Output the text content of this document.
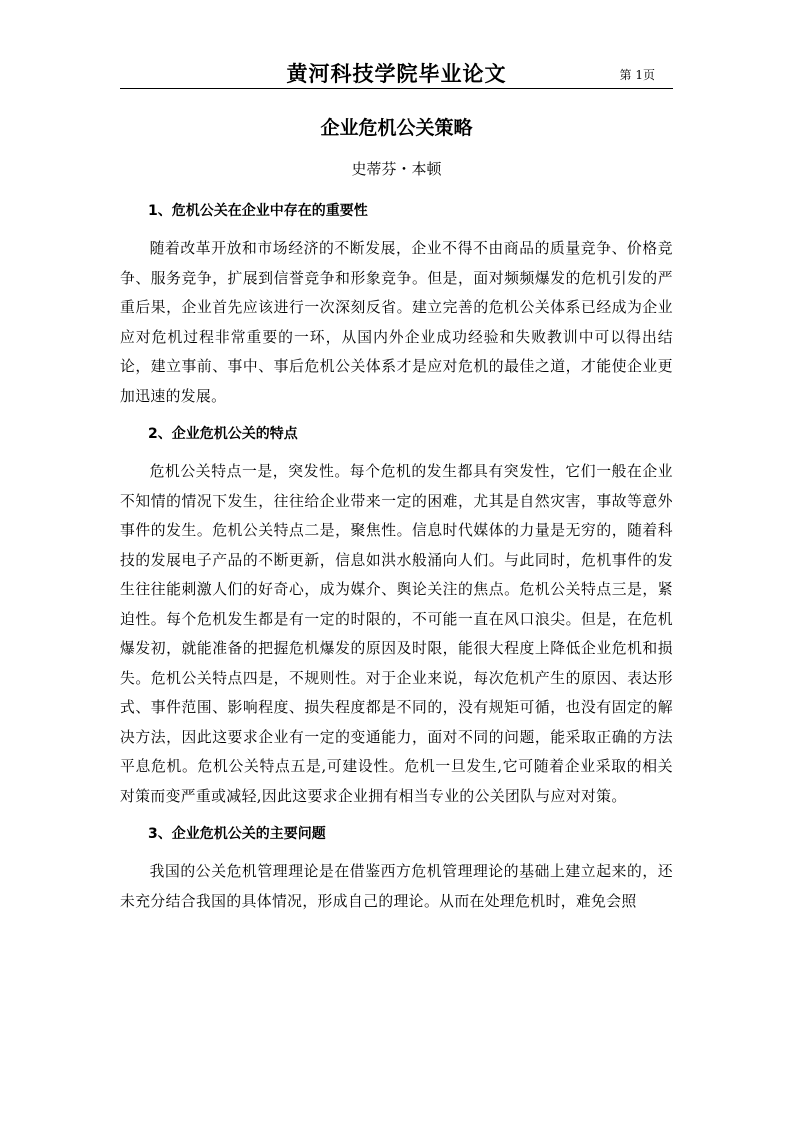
黄河科技学院毕业论文	第 1页
企业危机公关策略
史蒂芬・本顿
1、危机公关在企业中存在的重要性

随着改革开放和市场经济的不断发展，企业不得不由商品的质量竞争、价格竞争、服务竞争，扩展到信誉竞争和形象竞争。但是，面对频频爆发的危机引发的严重后果，企业首先应该进行一次深刻反省。建立完善的危机公关体系已经成为企业应对危机过程非常重要的一环，从国内外企业成功经验和失败教训中可以得出结论，建立事前、事中、事后危机公关体系才是应对危机的最佳之道，才能使企业更加迅速的发展。

2、企业危机公关的特点

危机公关特点一是，突发性。每个危机的发生都具有突发性，它们一般在企业不知情的情况下发生，往往给企业带来一定的困难，尤其是自然灾害，事故等意外事件的发生。危机公关特点二是，聚焦性。信息时代媒体的力量是无穷的，随着科技的发展电子产品的不断更新，信息如洪水般涌向人们。与此同时，危机事件的发生往往能刺激人们的好奇心，成为媒介、舆论关注的焦点。危机公关特点三是，紧迫性。每个危机发生都是有一定的时限的，不可能一直在风口浪尖。但是，在危机爆发初，就能准备的把握危机爆发的原因及时限，能很大程度上降低企业危机和损失。危机公关特点四是，不规则性。对于企业来说，每次危机产生的原因、表达形式、事件范围、影响程度、损失程度都是不同的，没有规矩可循，也没有固定的解决方法，因此这要求企业有一定的变通能力，面对不同的问题，能采取正确的方法平息危机。危机公关特点五是,可建设性。危机一旦发生,它可随着企业采取的相关对策而变严重或减轻,因此这要求企业拥有相当专业的公关团队与应对对策。

3、企业危机公关的主要问题

我国的公关危机管理理论是在借鉴西方危机管理理论的基础上建立起来的，还未充分结合我国的具体情况，形成自己的理论。从而在处理危机时，难免会照
